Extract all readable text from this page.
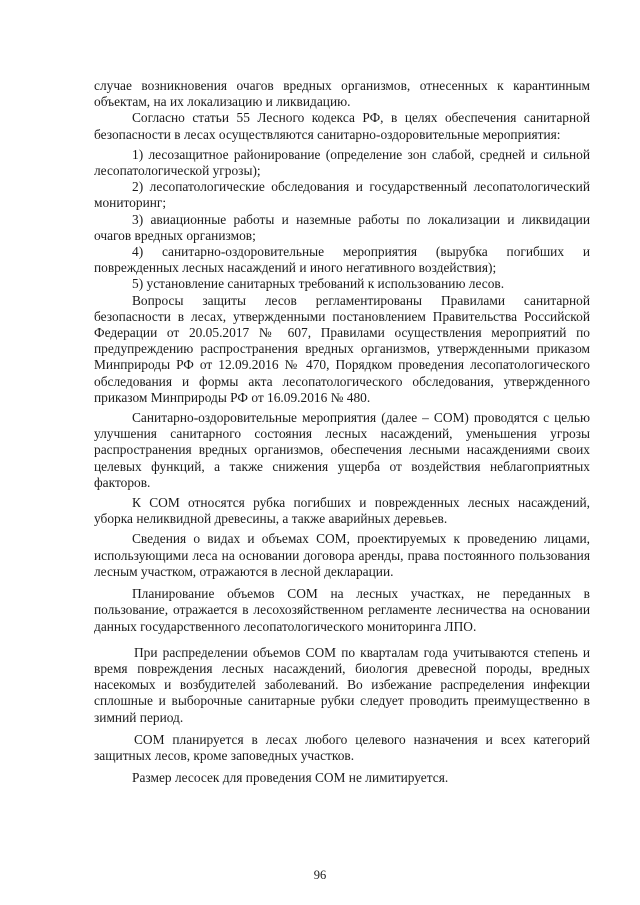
случае возникновения очагов вредных организмов, отнесенных к карантинным объектам, на их локализацию и ликвидацию.

Согласно статьи 55 Лесного кодекса РФ, в целях обеспечения санитарной безопасности в лесах осуществляются санитарно-оздоровительные мероприятия:

1) лесозащитное районирование (определение зон слабой, средней и сильной лесопатологической угрозы);

2) лесопатологические обследования и государственный лесопатологический мониторинг;

3) авиационные работы и наземные работы по локализации и ликвидации очагов вредных организмов;

4) санитарно-оздоровительные мероприятия (вырубка погибших и поврежденных лесных насаждений и иного негативного воздействия);

5) установление санитарных требований к использованию лесов.

Вопросы защиты лесов регламентированы Правилами санитарной безопасности в лесах, утвержденными постановлением Правительства Российской Федерации от 20.05.2017 № 607, Правилами осуществления мероприятий по предупреждению распространения вредных организмов, утвержденными приказом Минприроды РФ от 12.09.2016 № 470, Порядком проведения лесопатологического обследования и формы акта лесопатологического обследования, утвержденного приказом Минприроды РФ от 16.09.2016 № 480.

Санитарно-оздоровительные мероприятия (далее – СОМ) проводятся с целью улучшения санитарного состояния лесных насаждений, уменьшения угрозы распространения вредных организмов, обеспечения лесными насаждениями своих целевых функций, а также снижения ущерба от воздействия неблагоприятных факторов.

К СОМ относятся рубка погибших и поврежденных лесных насаждений, уборка неликвидной древесины, а также аварийных деревьев.

Сведения о видах и объемах СОМ, проектируемых к проведению лицами, использующими леса на основании договора аренды, права постоянного пользования лесным участком, отражаются в лесной декларации.

Планирование объемов СОМ на лесных участках, не переданных в пользование, отражается в лесохозяйственном регламенте лесничества на основании данных государственного лесопатологического мониторинга ЛПО.

При распределении объемов СОМ по кварталам года учитываются степень и время повреждения лесных насаждений, биология древесной породы, вредных насекомых и возбудителей заболеваний. Во избежание распределения инфекции сплошные и выборочные санитарные рубки следует проводить преимущественно в зимний период.

СОМ планируется в лесах любого целевого назначения и всех категорий защитных лесов, кроме заповедных участков.

Размер лесосек для проведения СОМ не лимитируется.

96
